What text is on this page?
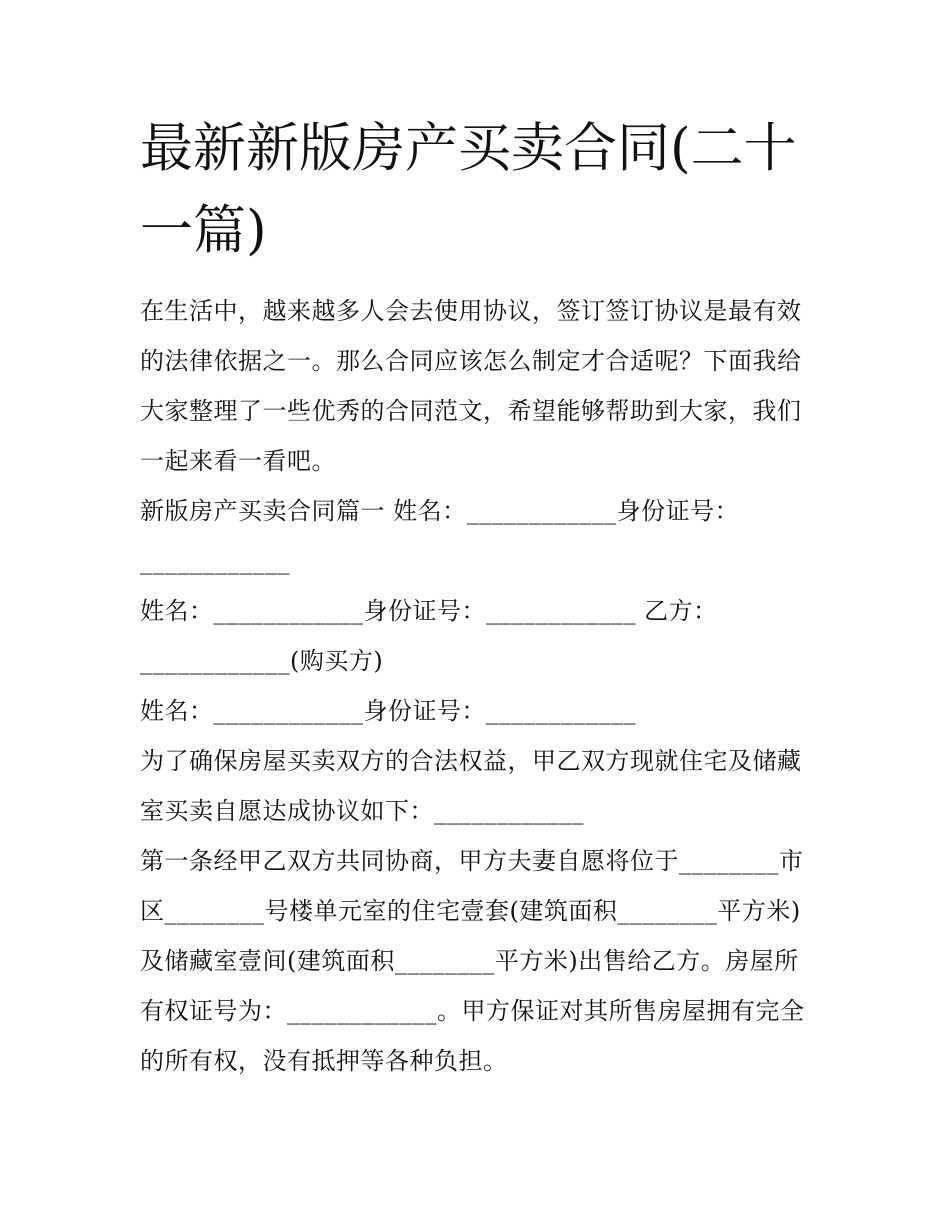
最新新版房产买卖合同(二十一篇)

在生活中，越来越多人会去使用协议，签订签订协议是最有效的法律依据之一。那么合同应该怎么制定才合适呢？下面我给大家整理了一些优秀的合同范文，希望能够帮助到大家，我们一起来看一看吧。

新版房产买卖合同篇一 姓名：____________身份证号：____________

姓名：____________身份证号：____________ 乙方：____________(购买方)

姓名：____________身份证号：____________

为了确保房屋买卖双方的合法权益，甲乙双方现就住宅及储藏室买卖自愿达成协议如下：____________

第一条经甲乙双方共同协商，甲方夫妻自愿将位于________市区________号楼单元室的住宅壹套(建筑面积________平方米)及储藏室壹间(建筑面积________平方米)出售给乙方。房屋所有权证号为：____________。甲方保证对其所售房屋拥有完全的所有权，没有抵押等各种负担。
